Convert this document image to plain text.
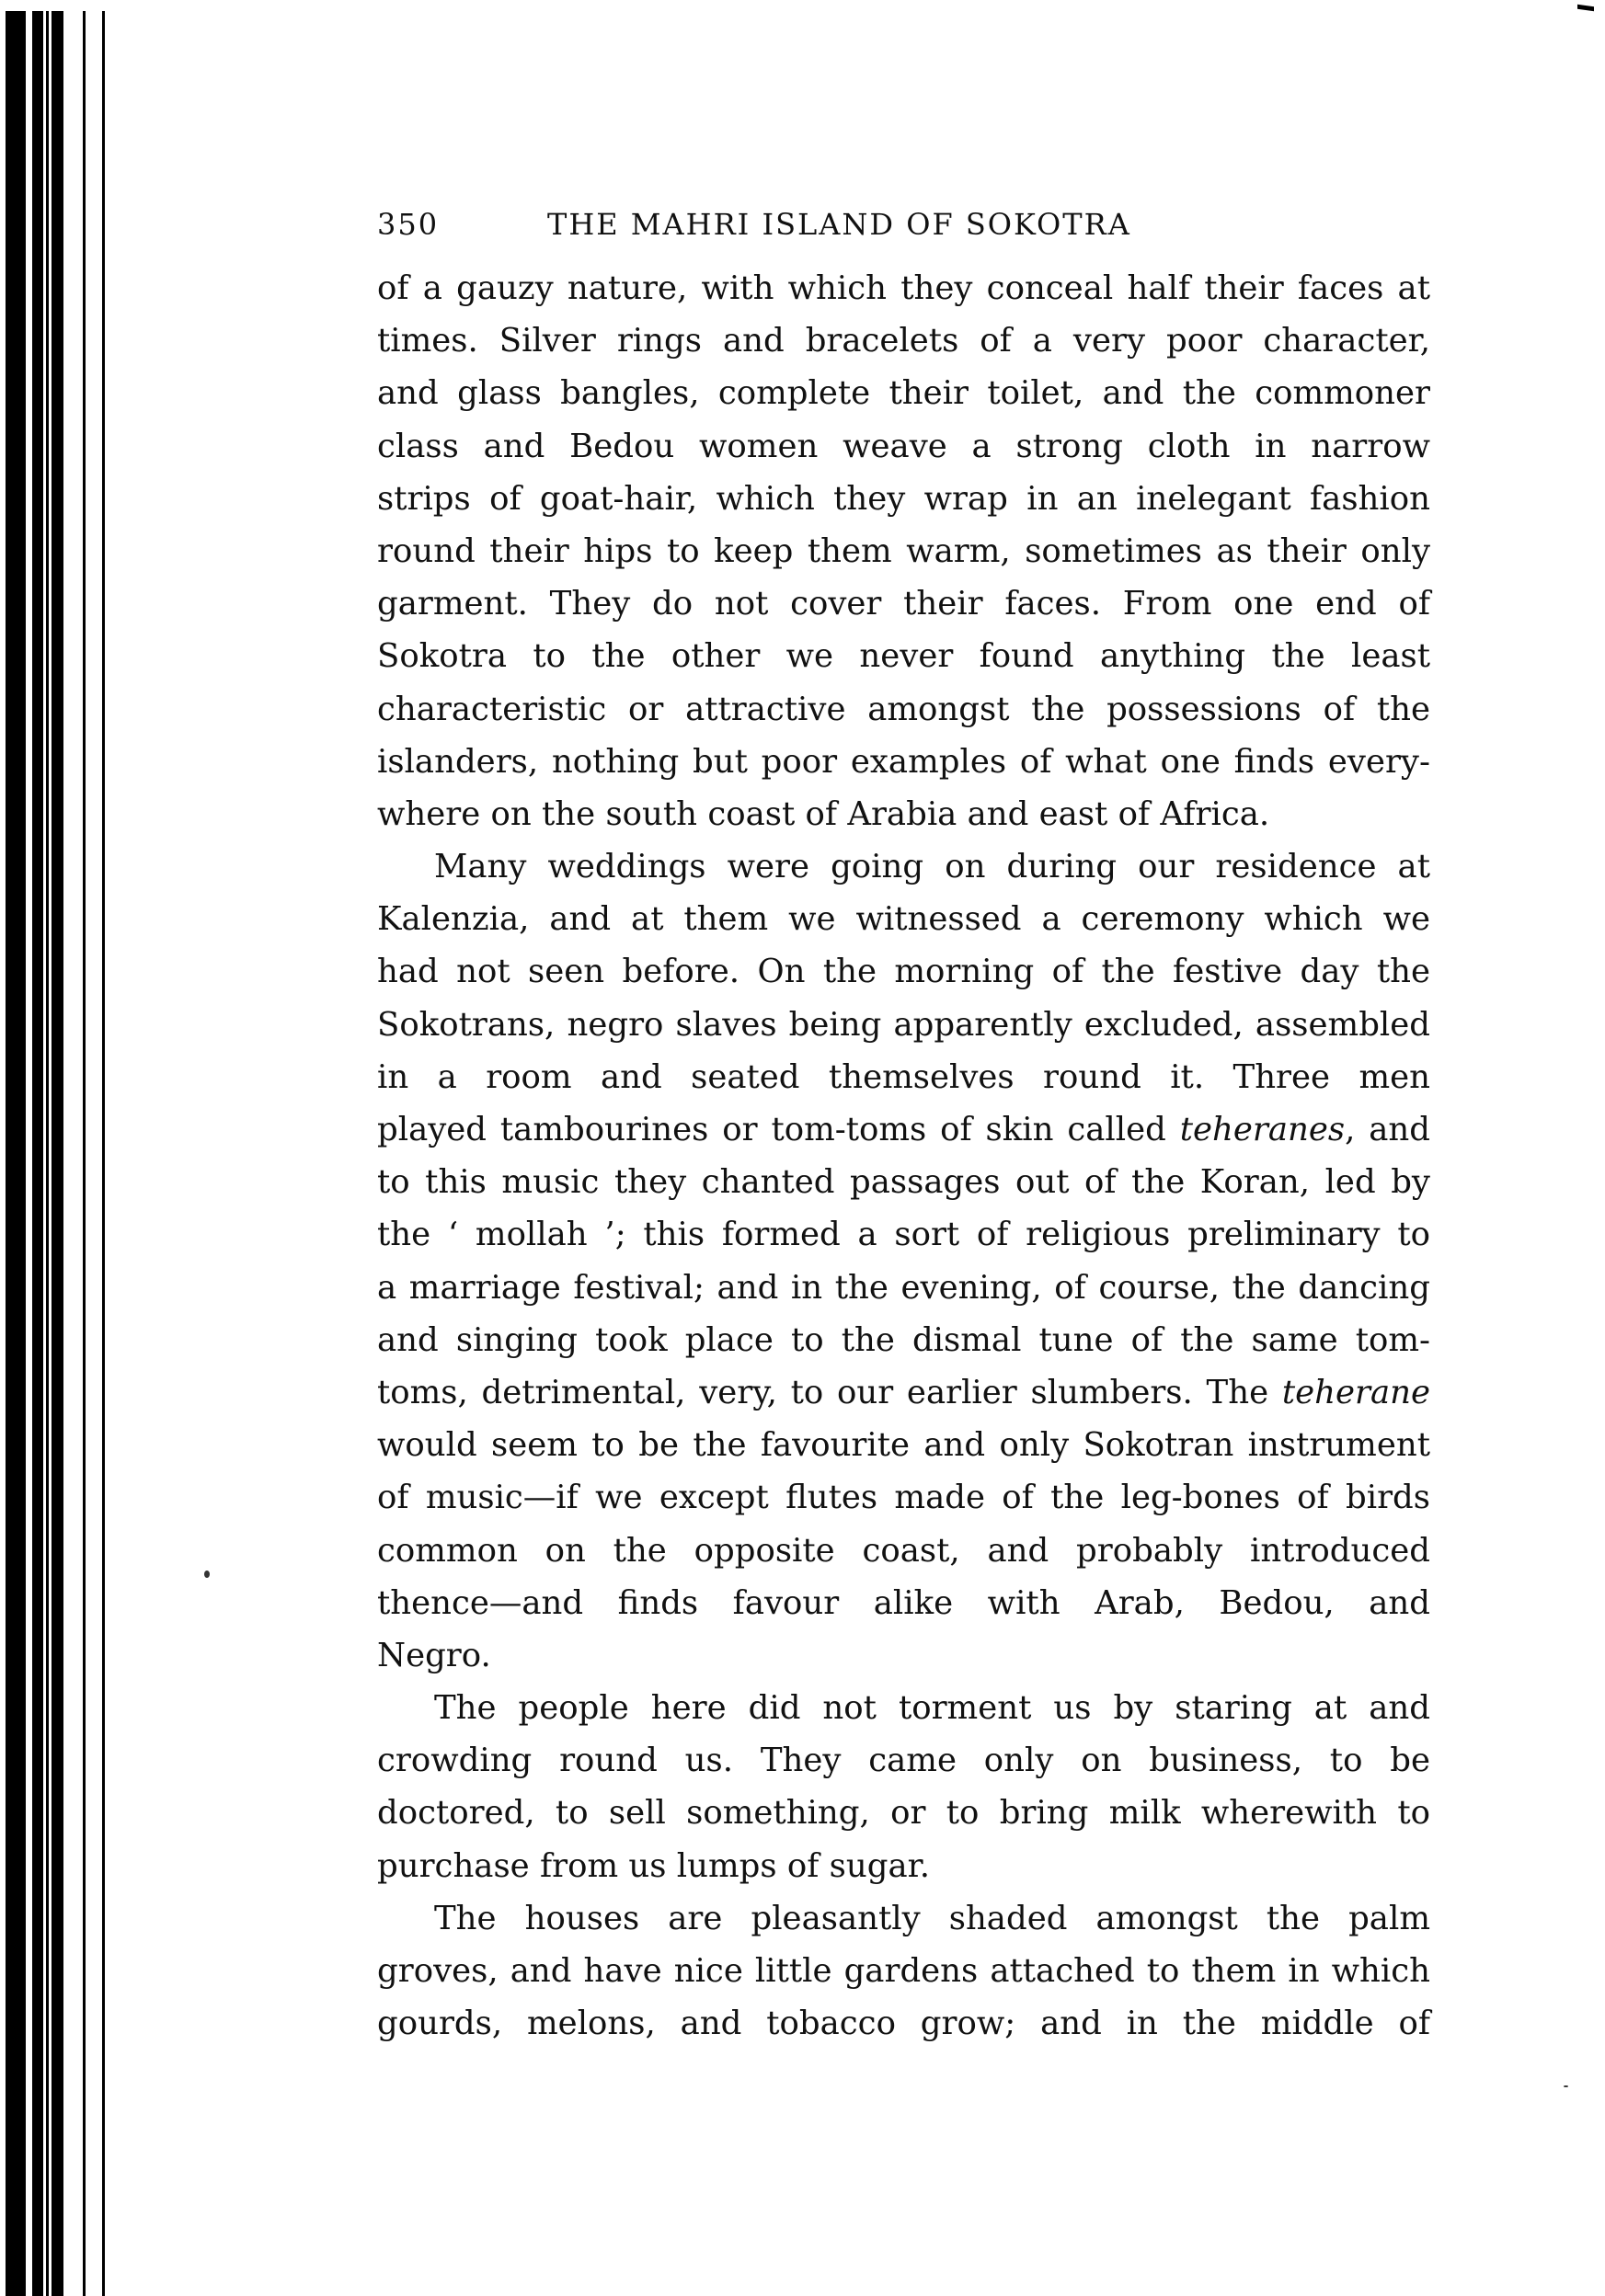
350	THE MAHRI ISLAND OF SOKOTRA
of a gauzy nature, with which they conceal half their faces at
times. Silver rings and bracelets of a very poor character,
and glass bangles, complete their toilet, and the commoner
class and Bedou women weave a strong cloth in narrow
strips of goat-hair, which they wrap in an inelegant fashion
round their hips to keep them warm, sometimes as their only
garment. They do not cover their faces. From one end of
Sokotra to the other we never found anything the least
characteristic or attractive amongst the possessions of the
islanders, nothing but poor examples of what one finds every-
where on the south coast of Arabia and east of Africa.
Many weddings were going on during our residence at
Kalenzia, and at them we witnessed a ceremony which we
had not seen before. On the morning of the festive day the
Sokotrans, negro slaves being apparently excluded, assembled
in a room and seated themselves round it. Three men
played tambourines or tom-toms of skin called teheranes, and
to this music they chanted passages out of the Koran, led by
the ‘ mollah ’; this formed a sort of religious preliminary to
a marriage festival; and in the evening, of course, the dancing
and singing took place to the dismal tune of the same tom-
toms, detrimental, very, to our earlier slumbers. The teherane
would seem to be the favourite and only Sokotran instrument
of music—if we except flutes made of the leg-bones of birds
common on the opposite coast, and probably introduced
thence—and finds favour alike with Arab, Bedou, and
Negro.
The people here did not torment us by staring at and
crowding round us. They came only on business, to be
doctored, to sell something, or to bring milk wherewith to
purchase from us lumps of sugar.
The houses are pleasantly shaded amongst the palm
groves, and have nice little gardens attached to them in which
gourds, melons, and tobacco grow; and in the middle of
